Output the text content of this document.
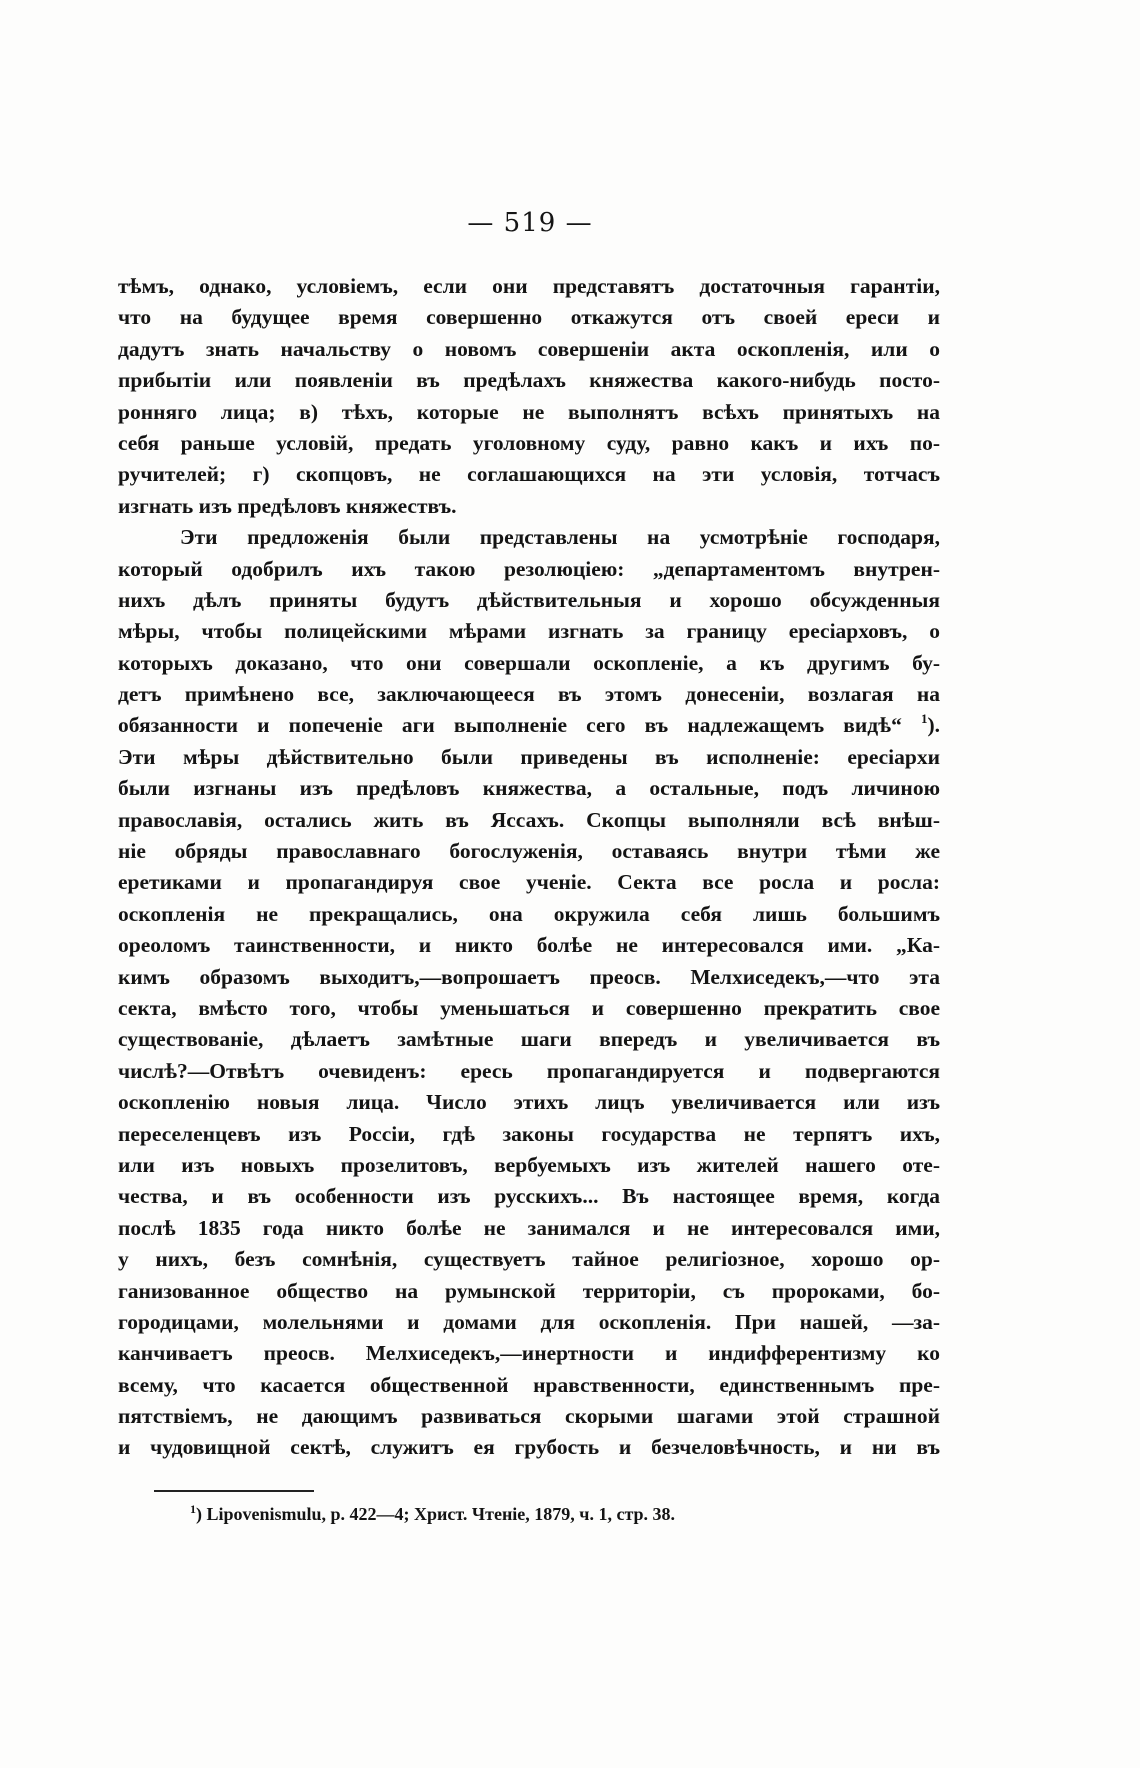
— 519 —
тѣмъ, однако, условіемъ, если они представятъ достаточныя гарантіи,
что на будущее время совершенно откажутся отъ своей ереси и
дадутъ знать начальству о новомъ совершеніи акта оскопленія, или о
прибытіи или появленіи въ предѣлахъ княжества какого-нибудь посто-
ронняго лица; в) тѣхъ, которые не выполнятъ всѣхъ принятыхъ на
себя раньше условій, предать уголовному суду, равно какъ и ихъ по-
ручителей; г) скопцовъ, не соглашающихся на эти условія, тотчасъ
изгнать изъ предѣловъ княжествъ.
Эти предложенія были представлены на усмотрѣніе господаря,
который одобрилъ ихъ такою резолюціею: „департаментомъ внутрен-
нихъ дѣлъ приняты будутъ дѣйствительныя и хорошо обсужденныя
мѣры, чтобы полицейскими мѣрами изгнать за границу ересіарховъ, о
которыхъ доказано, что они совершали оскопленіе, а къ другимъ бу-
детъ примѣнено все, заключающееся въ этомъ донесеніи, возлагая на
обязанности и попеченіе аги выполненіе сего въ надлежащемъ видѣ“ $^1$).
Эти мѣры дѣйствительно были приведены въ исполненіе: ересіархи
были изгнаны изъ предѣловъ княжества, а остальные, подъ личиною
православія, остались жить въ Яссахъ. Скопцы выполняли всѣ внѣш-
ніе обряды православнаго богослуженія, оставаясь внутри тѣми же
еретиками и пропагандируя свое ученіе. Секта все росла и росла:
оскопленія не прекращались, она окружила себя лишь большимъ
ореоломъ таинственности, и никто болѣе не интересовался ими. „Ка-
кимъ образомъ выходитъ,—вопрошаетъ преосв. Мелхиседекъ,—что эта
секта, вмѣсто того, чтобы уменьшаться и совершенно прекратить свое
существованіе, дѣлаетъ замѣтные шаги впередъ и увеличивается въ
числѣ?—Отвѣтъ очевиденъ: ересь пропагандируется и подвергаются
оскопленію новыя лица. Число этихъ лицъ увеличивается или изъ
переселенцевъ изъ Россіи, гдѣ законы государства не терпятъ ихъ,
или изъ новыхъ прозелитовъ, вербуемыхъ изъ жителей нашего оте-
чества, и въ особенности изъ русскихъ... Въ настоящее время, когда
послѣ 1835 года никто болѣе не занимался и не интересовался ими,
у нихъ, безъ сомнѣнія, существуетъ тайное религіозное, хорошо ор-
ганизованное общество на румынской территоріи, съ пророками, бо-
городицами, молельнями и домами для оскопленія. При нашей, —за-
канчиваетъ преосв. Мелхиседекъ,—инертности и индифферентизму ко
всему, что касается общественной нравственности, единственнымъ пре-
пятствіемъ, не дающимъ развиваться скорыми шагами этой страшной
и чудовищной сектѣ, служитъ ея грубость и безчеловѣчность, и ни въ
$^1$) Lipovenismulu, p. 422—4; Христ. Чтеніе, 1879, ч. 1, стр. 38.
